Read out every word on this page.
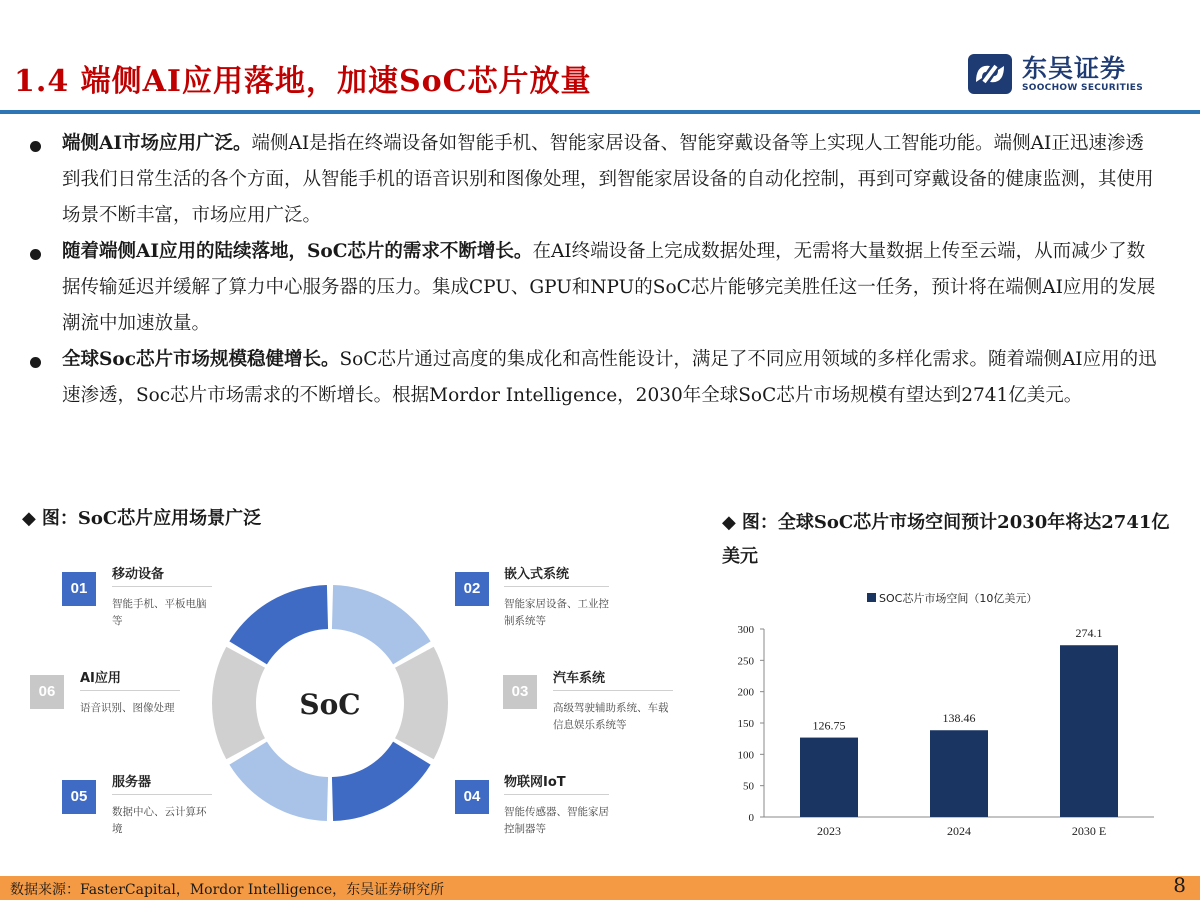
1.4 端侧AI应用落地，加速SoC芯片放量	东吴证券
SOOCHOW SECURITIES
端侧AI市场应用广泛。端侧AI是指在终端设备如智能手机、智能家居设备、智能穿戴设备等上实现人工智能功能。端侧AI正迅速渗透到我们日常生活的各个方面，从智能手机的语音识别和图像处理，到智能家居设备的自动化控制，再到可穿戴设备的健康监测，其使用场景不断丰富，市场应用广泛。
随着端侧AI应用的陆续落地，SoC芯片的需求不断增长。在AI终端设备上完成数据处理，无需将大量数据上传至云端，从而减少了数据传输延迟并缓解了算力中心服务器的压力。集成CPU、GPU和NPU的SoC芯片能够完美胜任这一任务，预计将在端侧AI应用的发展潮流中加速放量。
全球Soc芯片市场规模稳健增长。SoC芯片通过高度的集成化和高性能设计，满足了不同应用领域的多样化需求。随着端侧AI应用的迅速渗透，Soc芯片市场需求的不断增长。根据Mordor Intelligence，2030年全球SoC芯片市场规模有望达到2741亿美元。
◆ 图：SoC芯片应用场景广泛
01
移动设备
智能手机、平板电脑等
06
AI应用
语音识别、图像处理
05
服务器
数据中心、云计算环境
02
嵌入式系统
智能家居设备、工业控制系统等
03
汽车系统
高级驾驶辅助系统、车载信息娱乐系统等
04
物联网IoT
智能传感器、智能家居控制器等
SoC
◆ 图：全球SoC芯片市场空间预计2030年将达2741亿美元
SOC芯片市场空间（10亿美元）
0
50
100
150
200
250
300
126.75
2023
138.46
2024
274.1
2030 E
数据来源：FasterCapital，Mordor Intelligence，东吴证券研究所	8
